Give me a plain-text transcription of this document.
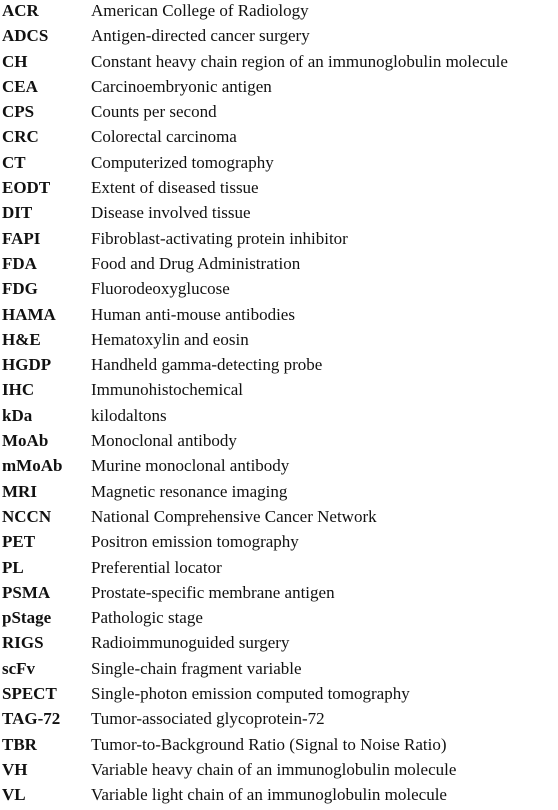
ACR	American College of Radiology
ADCS	Antigen-directed cancer surgery
CH	Constant heavy chain region of an immunoglobulin molecule
CEA	Carcinoembryonic antigen
CPS	Counts per second
CRC	Colorectal carcinoma
CT	Computerized tomography
EODT	Extent of diseased tissue
DIT	Disease involved tissue
FAPI	Fibroblast-activating protein inhibitor
FDA	Food and Drug Administration
FDG	Fluorodeoxyglucose
HAMA	Human anti-mouse antibodies
H&E	Hematoxylin and eosin
HGDP	Handheld gamma-detecting probe
IHC	Immunohistochemical
kDa	kilodaltons
MoAb	Monoclonal antibody
mMoAb	Murine monoclonal antibody
MRI	Magnetic resonance imaging
NCCN	National Comprehensive Cancer Network
PET	Positron emission tomography
PL	Preferential locator
PSMA	Prostate-specific membrane antigen
pStage	Pathologic stage
RIGS	Radioimmunoguided surgery
scFv	Single-chain fragment variable
SPECT	Single-photon emission computed tomography
TAG-72	Tumor-associated glycoprotein-72
TBR	Tumor-to-Background Ratio (Signal to Noise Ratio)
VH	Variable heavy chain of an immunoglobulin molecule
VL	Variable light chain of an immunoglobulin molecule
